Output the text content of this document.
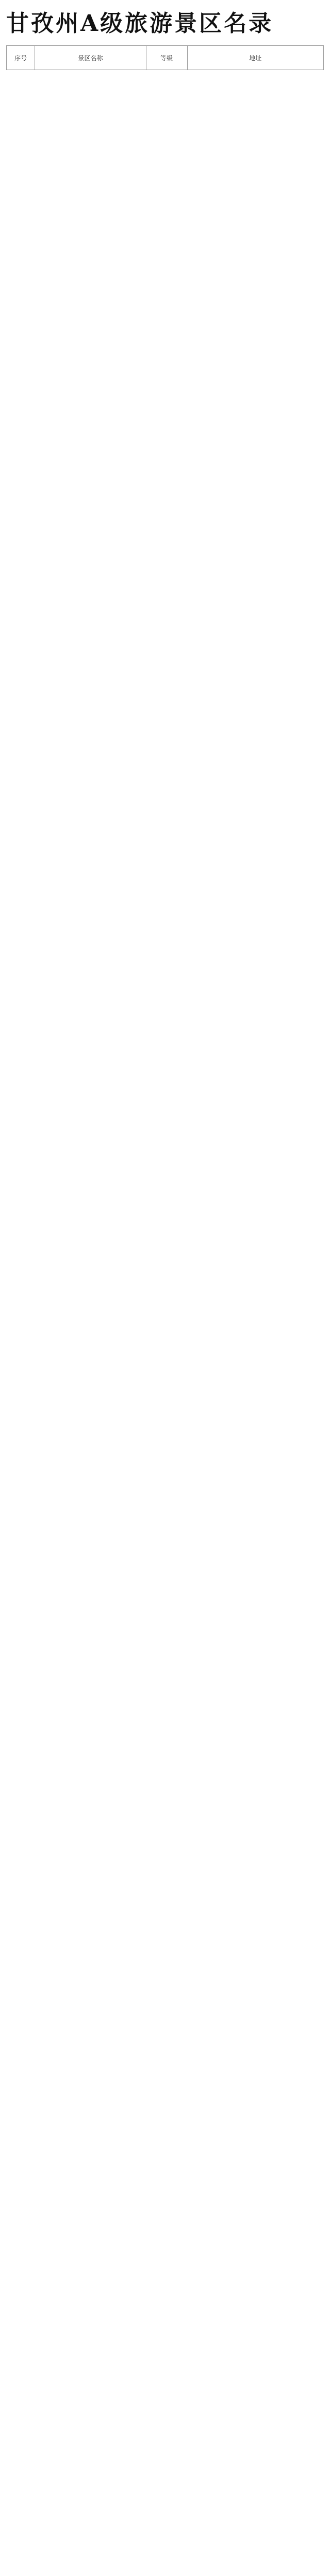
甘孜州A级旅游景区名录
序号	景区名称	等级	地址
